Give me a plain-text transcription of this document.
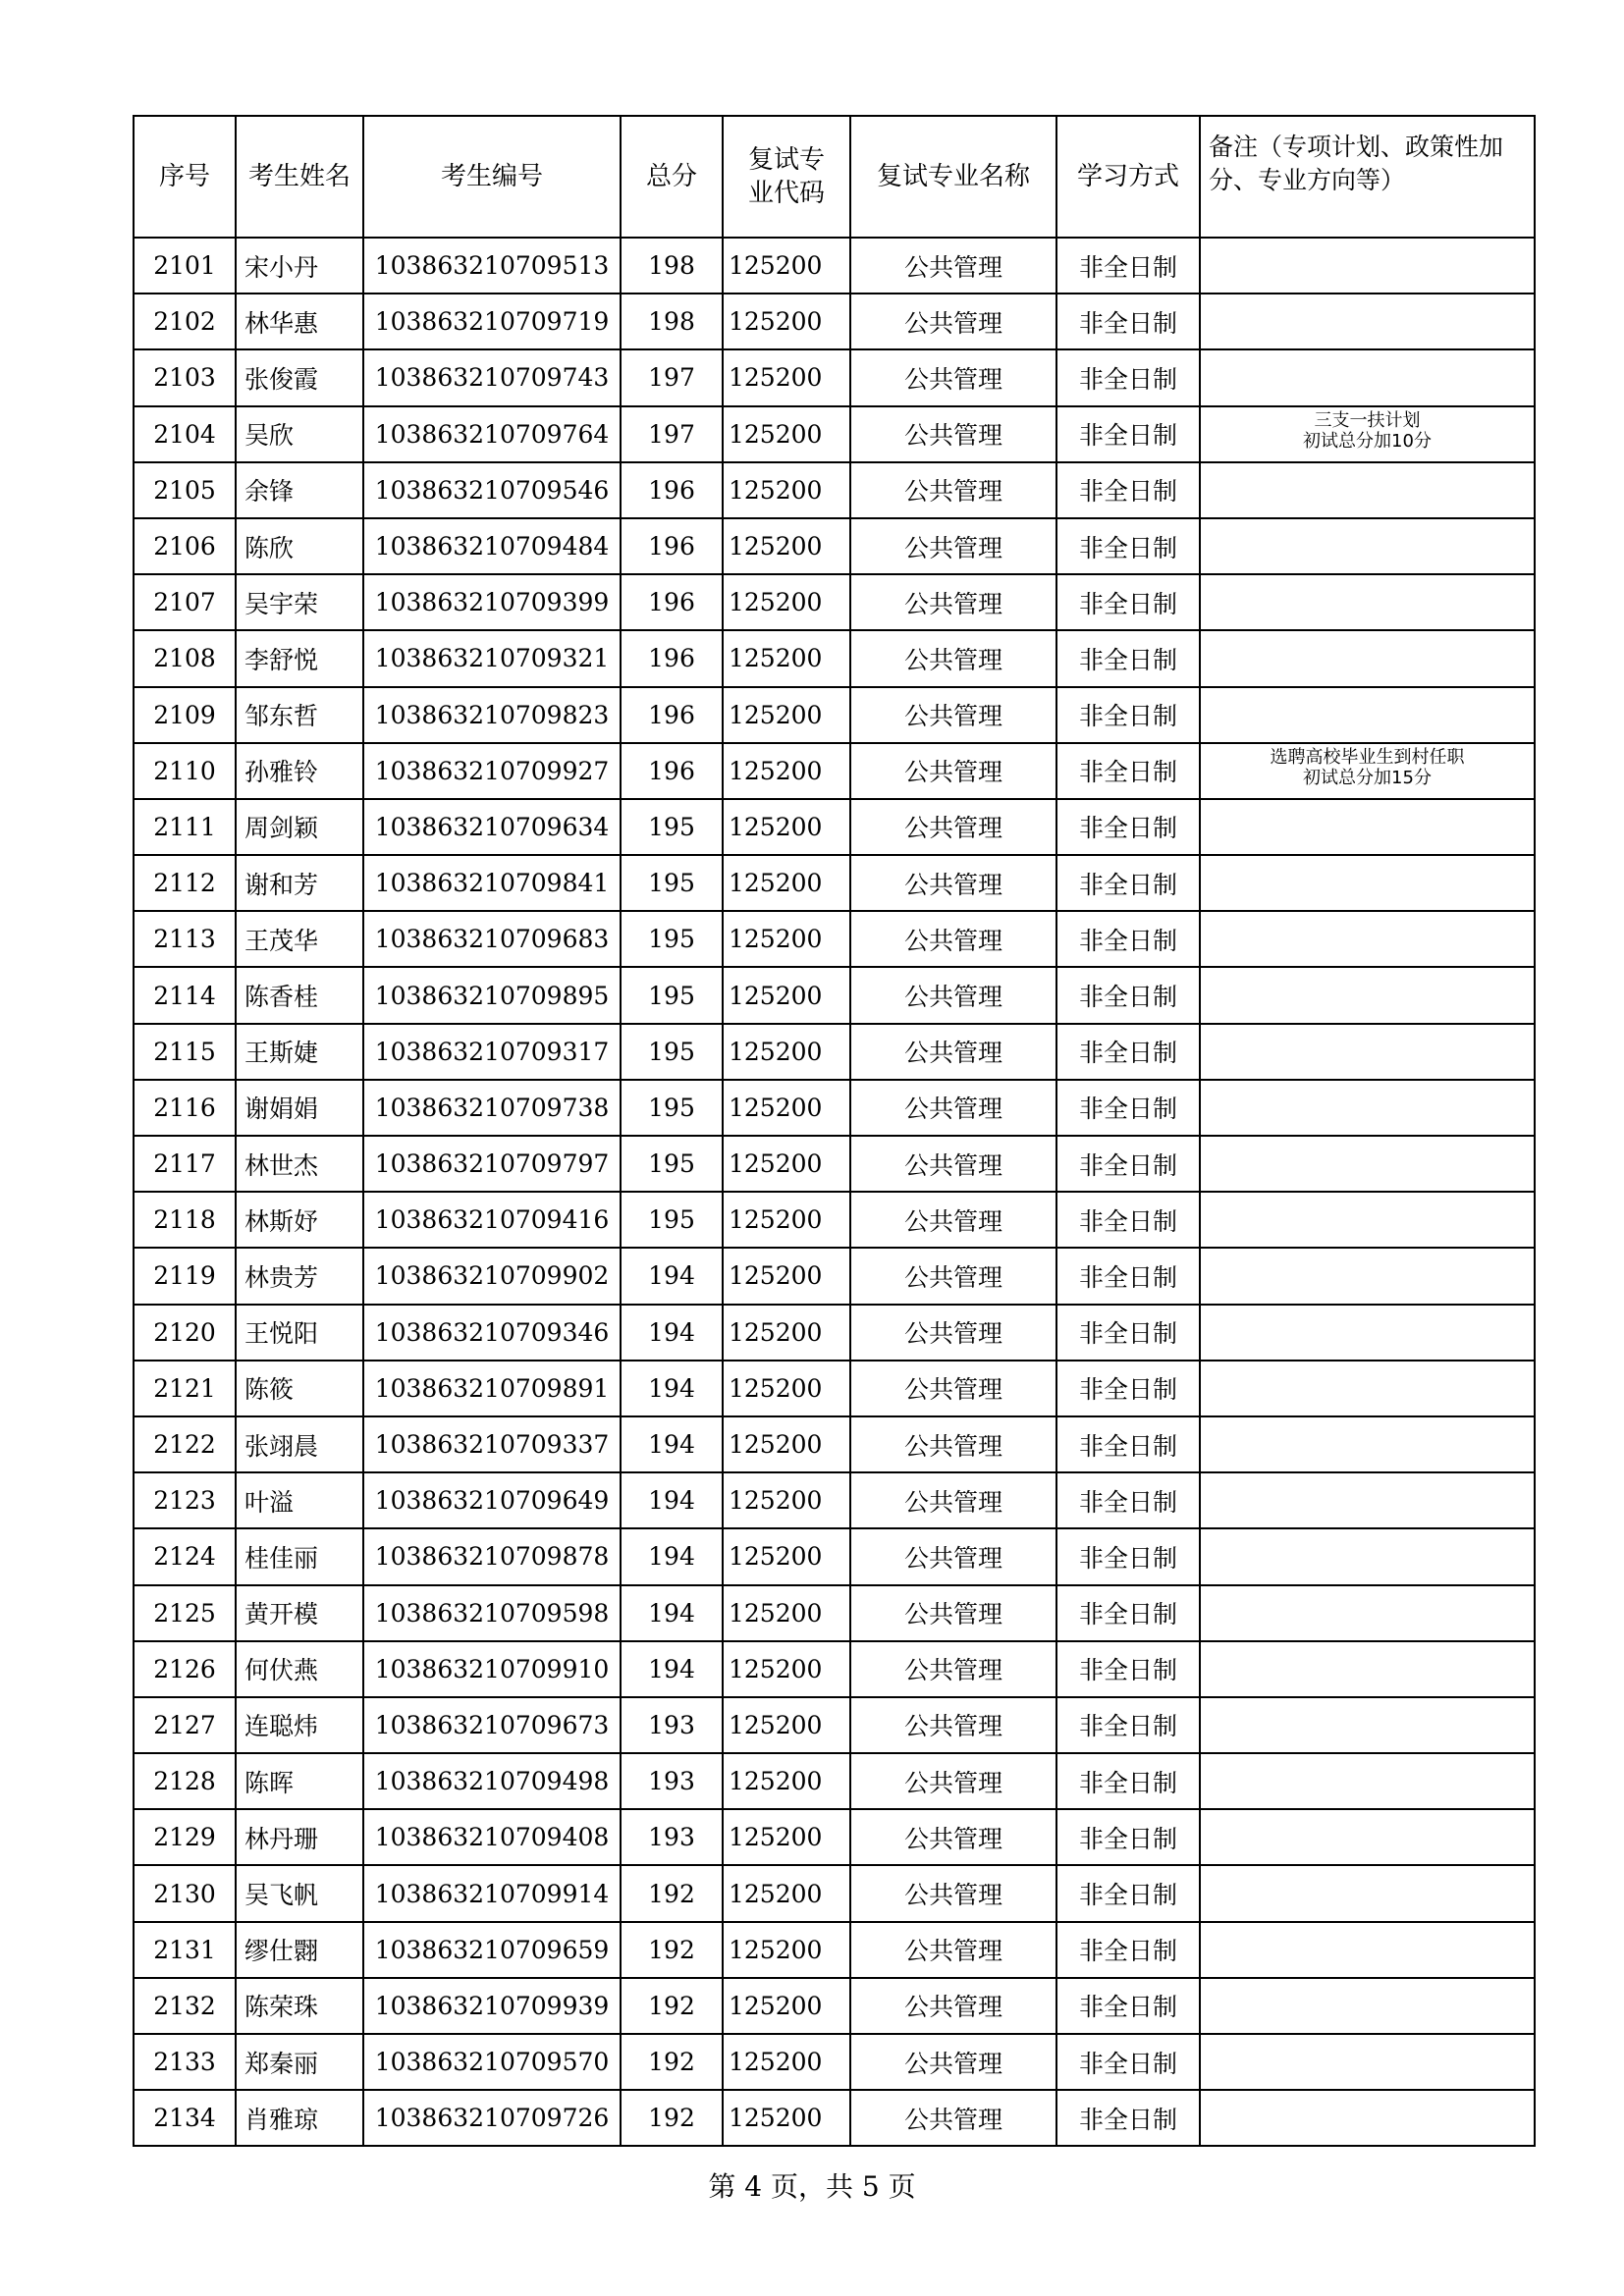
序号	考生姓名	考生编号	总分	复试专业代码	复试专业名称	学习方式	备注（专项计划、政策性加分、专业方向等）
2101	宋小丹	103863210709513	198	125200	公共管理	非全日制	

2102	林华惠	103863210709719	198	125200	公共管理	非全日制	

2103	张俊霞	103863210709743	197	125200	公共管理	非全日制	

2104	吴欣	103863210709764	197	125200	公共管理	非全日制	三支一扶计划
初试总分加10分

2105	余锋	103863210709546	196	125200	公共管理	非全日制	

2106	陈欣	103863210709484	196	125200	公共管理	非全日制	

2107	吴宇荣	103863210709399	196	125200	公共管理	非全日制	

2108	李舒悦	103863210709321	196	125200	公共管理	非全日制	

2109	邹东哲	103863210709823	196	125200	公共管理	非全日制	

2110	孙雅铃	103863210709927	196	125200	公共管理	非全日制	选聘高校毕业生到村任职
初试总分加15分

2111	周剑颖	103863210709634	195	125200	公共管理	非全日制	

2112	谢和芳	103863210709841	195	125200	公共管理	非全日制	

2113	王茂华	103863210709683	195	125200	公共管理	非全日制	

2114	陈香桂	103863210709895	195	125200	公共管理	非全日制	

2115	王斯婕	103863210709317	195	125200	公共管理	非全日制	

2116	谢娟娟	103863210709738	195	125200	公共管理	非全日制	

2117	林世杰	103863210709797	195	125200	公共管理	非全日制	

2118	林斯妤	103863210709416	195	125200	公共管理	非全日制	

2119	林贵芳	103863210709902	194	125200	公共管理	非全日制	

2120	王悦阳	103863210709346	194	125200	公共管理	非全日制	

2121	陈筱	103863210709891	194	125200	公共管理	非全日制	

2122	张翊晨	103863210709337	194	125200	公共管理	非全日制	

2123	叶溢	103863210709649	194	125200	公共管理	非全日制	

2124	桂佳丽	103863210709878	194	125200	公共管理	非全日制	

2125	黄开模	103863210709598	194	125200	公共管理	非全日制	

2126	何伏燕	103863210709910	194	125200	公共管理	非全日制	

2127	连聪炜	103863210709673	193	125200	公共管理	非全日制	

2128	陈晖	103863210709498	193	125200	公共管理	非全日制	

2129	林丹珊	103863210709408	193	125200	公共管理	非全日制	

2130	吴飞帆	103863210709914	192	125200	公共管理	非全日制	

2131	缪仕翾	103863210709659	192	125200	公共管理	非全日制	

2132	陈荣珠	103863210709939	192	125200	公共管理	非全日制	

2133	郑秦丽	103863210709570	192	125200	公共管理	非全日制	

2134	肖雅琼	103863210709726	192	125200	公共管理	非全日制	
第 4 页，共 5 页
